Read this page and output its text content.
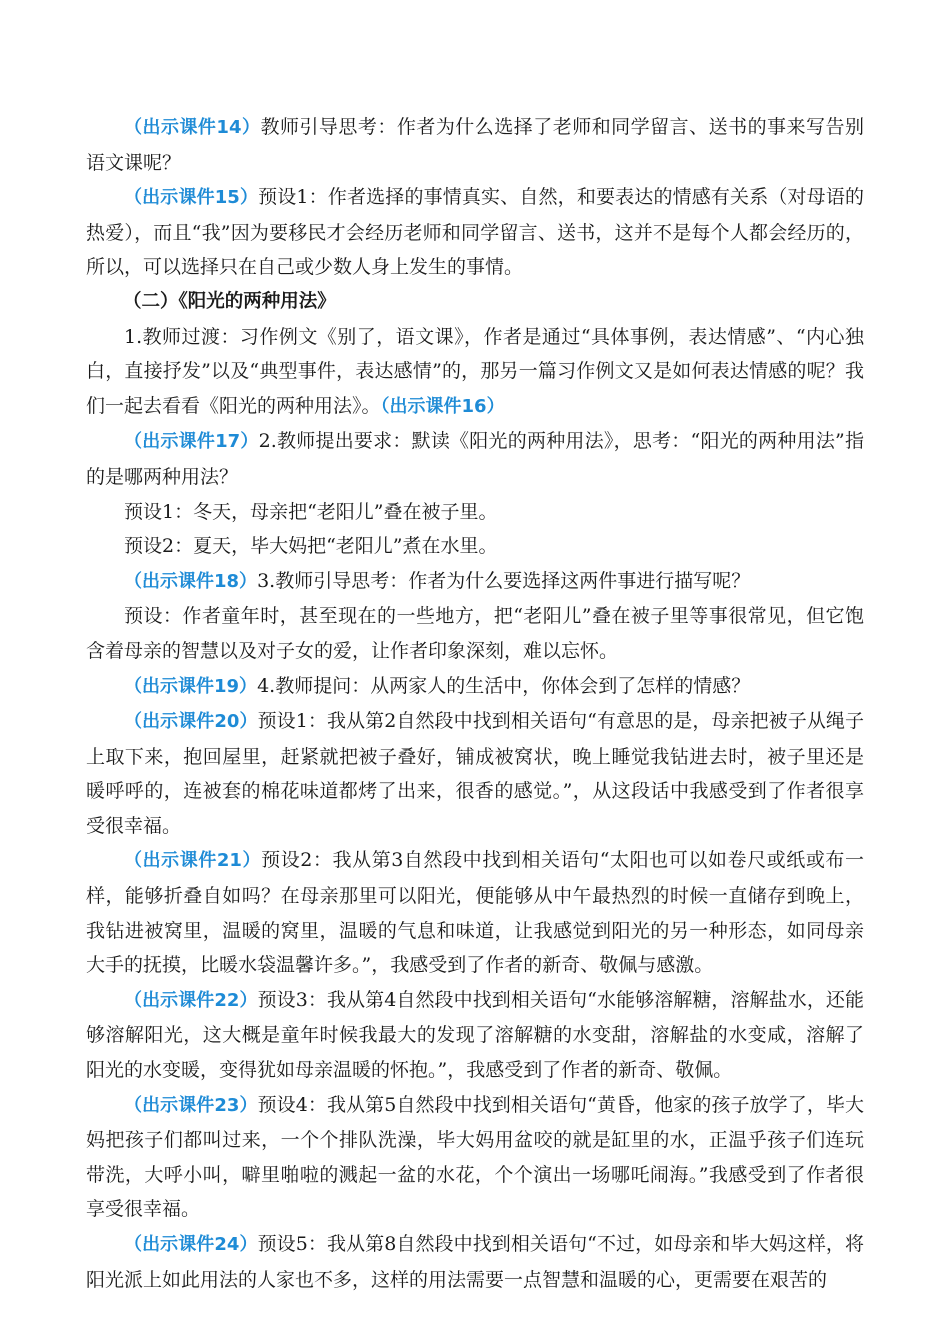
（出示课件14）教师引导思考：作者为什么选择了老师和同学留言、送书的事来写告别语文课呢？

（出示课件15）预设1：作者选择的事情真实、自然，和要表达的情感有关系（对母语的热爱），而且“我”因为要移民才会经历老师和同学留言、送书，这并不是每个人都会经历的，所以，可以选择只在自己或少数人身上发生的事情。

（二）《阳光的两种用法》

1.教师过渡：习作例文《别了，语文课》，作者是通过“具体事例，表达情感”、“内心独白，直接抒发”以及“典型事件，表达感情”的，那另一篇习作例文又是如何表达情感的呢？我们一起去看看《阳光的两种用法》。（出示课件16）

（出示课件17）2.教师提出要求：默读《阳光的两种用法》，思考：“阳光的两种用法”指的是哪两种用法？

预设1：冬天，母亲把“老阳儿”叠在被子里。

预设2：夏天，毕大妈把“老阳儿”煮在水里。

（出示课件18）3.教师引导思考：作者为什么要选择这两件事进行描写呢？

预设：作者童年时，甚至现在的一些地方，把“老阳儿”叠在被子里等事很常见，但它饱含着母亲的智慧以及对子女的爱，让作者印象深刻，难以忘怀。

（出示课件19）4.教师提问：从两家人的生活中，你体会到了怎样的情感？

（出示课件20）预设1：我从第2自然段中找到相关语句“有意思的是，母亲把被子从绳子上取下来，抱回屋里，赶紧就把被子叠好，铺成被窝状，晚上睡觉我钻进去时，被子里还是暖呼呼的，连被套的棉花味道都烤了出来，很香的感觉。”，从这段话中我感受到了作者很享受很幸福。

（出示课件21）预设2：我从第3自然段中找到相关语句“太阳也可以如卷尺或纸或布一样，能够折叠自如吗？在母亲那里可以阳光，便能够从中午最热烈的时候一直储存到晚上，我钻进被窝里，温暖的窝里，温暖的气息和味道，让我感觉到阳光的另一种形态，如同母亲大手的抚摸，比暖水袋温馨许多。”，我感受到了作者的新奇、敬佩与感激。

（出示课件22）预设3：我从第4自然段中找到相关语句“水能够溶解糖，溶解盐水，还能够溶解阳光，这大概是童年时候我最大的发现了溶解糖的水变甜，溶解盐的水变咸，溶解了阳光的水变暖，变得犹如母亲温暖的怀抱。”，我感受到了作者的新奇、敬佩。

（出示课件23）预设4：我从第5自然段中找到相关语句“黄昏，他家的孩子放学了，毕大妈把孩子们都叫过来，一个个排队洗澡，毕大妈用盆咬的就是缸里的水，正温乎孩子们连玩带洗，大呼小叫，噼里啪啦的溅起一盆的水花，个个演出一场哪吒闹海。”我感受到了作者很享受很幸福。

（出示课件24）预设5：我从第8自然段中找到相关语句“不过，如母亲和毕大妈这样，将阳光派上如此用法的人家也不多，这样的用法需要一点智慧和温暖的心，更需要在艰苦的
